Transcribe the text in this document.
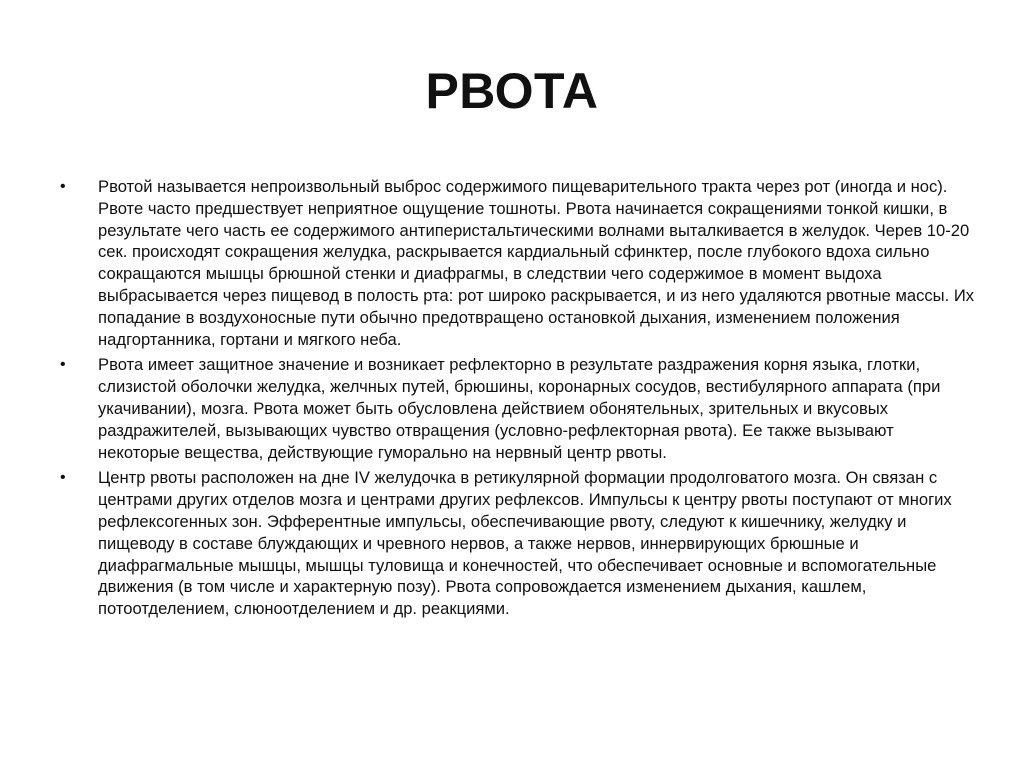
РВОТА
• Рвотой называется непроизвольный выброс содержимого пищеварительного тракта через рот (иногда и нос). Рвоте часто предшествует неприятное ощущение тошноты. Рвота начинается сокращениями тонкой кишки, в результате чего часть ее содержимого антиперистальтическими волнами выталкивается в желудок. Черев 10-20 сек. происходят сокращения желудка, раскрывается кардиальный сфинктер, после глубокого вдоха сильно сокращаются мышцы брюшной стенки и диафрагмы, в следствии чего содержимое в момент выдоха выбрасывается через пищевод в полость рта: рот широко раскрывается, и из него удаляются рвотные массы. Их попадание в воздухоносные пути обычно предотвращено остановкой дыхания, изменением положения надгортанника, гортани и мягкого неба.
• Рвота имеет защитное значение и возникает рефлекторно в результате раздражения корня языка, глотки, слизистой оболочки желудка, желчных путей, брюшины, коронарных сосудов, вестибулярного аппарата (при укачивании), мозга. Рвота может быть обусловлена действием обонятельных, зрительных и вкусовых раздражителей, вызывающих чувство отвращения (условно-рефлекторная рвота). Ее также вызывают некоторые вещества, действующие гуморально на нервный центр рвоты.
• Центр рвоты расположен на дне IV желудочка в ретикулярной формации продолговатого мозга. Он связан с центрами других отделов мозга и центрами других рефлексов. Импульсы к центру рвоты поступают от многих рефлексогенных зон. Эфферентные импульсы, обеспечивающие рвоту, следуют к кишечнику, желудку и пищеводу в составе блуждающих и чревного нервов, а также нервов, иннервирующих брюшные и диафрагмальные мышцы, мышцы туловища и конечностей, что обеспечивает основные и вспомогательные движения (в том числе и характерную позу). Рвота сопровождается изменением дыхания, кашлем, потоотделением, слюноотделением и др. реакциями.
